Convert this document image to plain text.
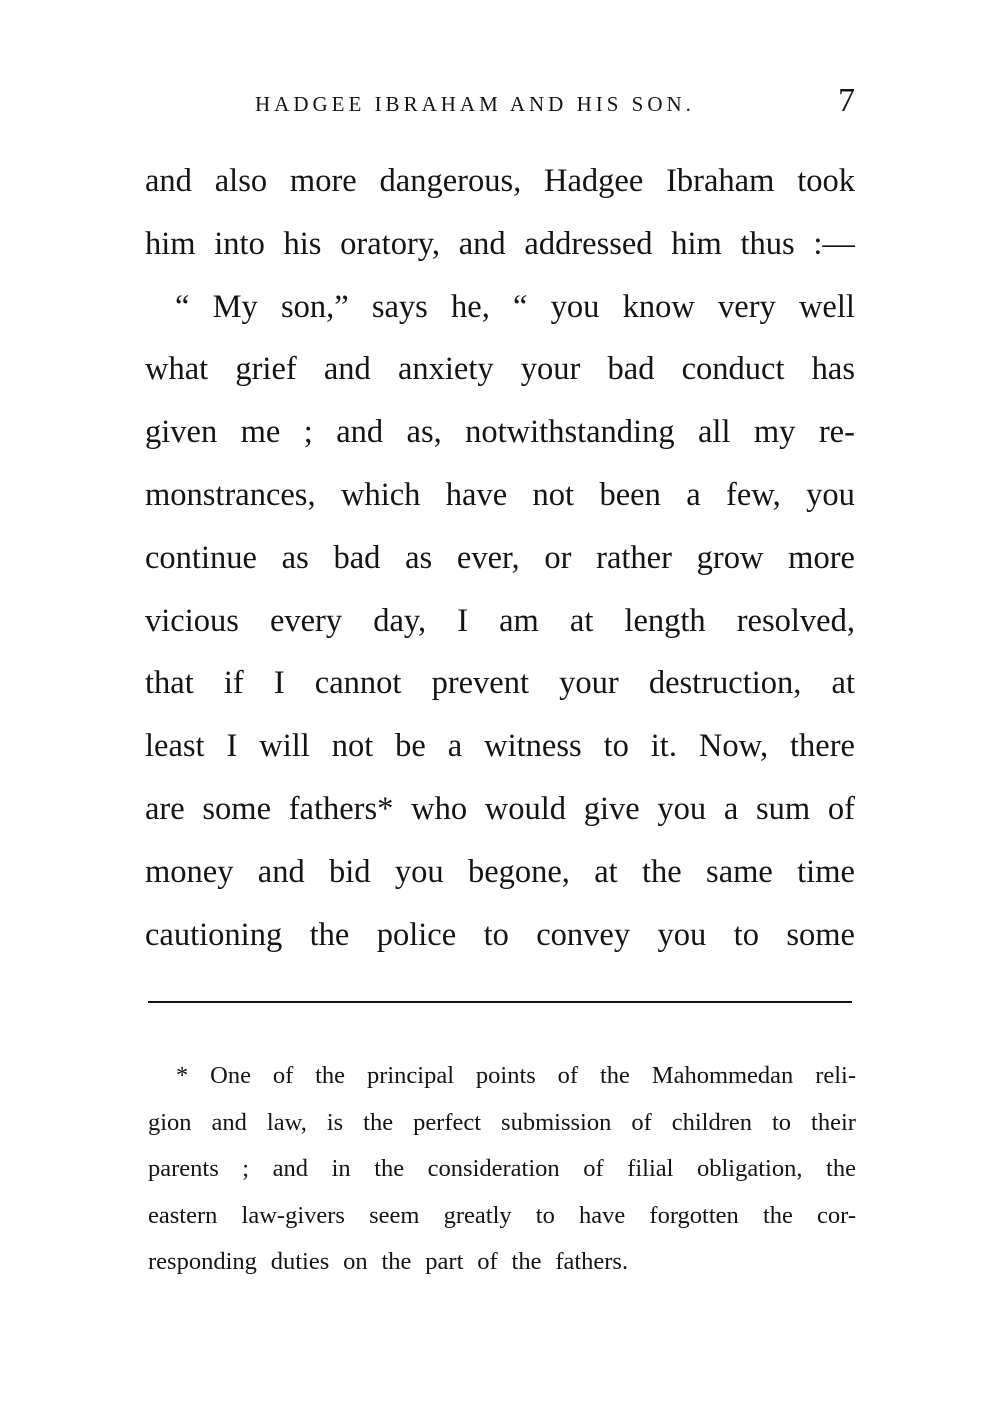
HADGEE IBRAHAM AND HIS SON.	7
and also more dangerous, Hadgee Ibraham took
him into his oratory, and addressed him thus :—
“ My son,” says he, “ you know very well
what grief and anxiety your bad conduct has
given me ; and as, notwithstanding all my re-
monstrances, which have not been a few, you
continue as bad as ever, or rather grow more
vicious every day, I am at length resolved,
that if I cannot prevent your destruction, at
least I will not be a witness to it. Now, there
are some fathers* who would give you a sum of
money and bid you begone, at the same time
cautioning the police to convey you to some
* One of the principal points of the Mahommedan reli-
gion and law, is the perfect submission of children to their
parents ; and in the consideration of filial obligation, the
eastern law-givers seem greatly to have forgotten the cor-
responding duties on the part of the fathers.
